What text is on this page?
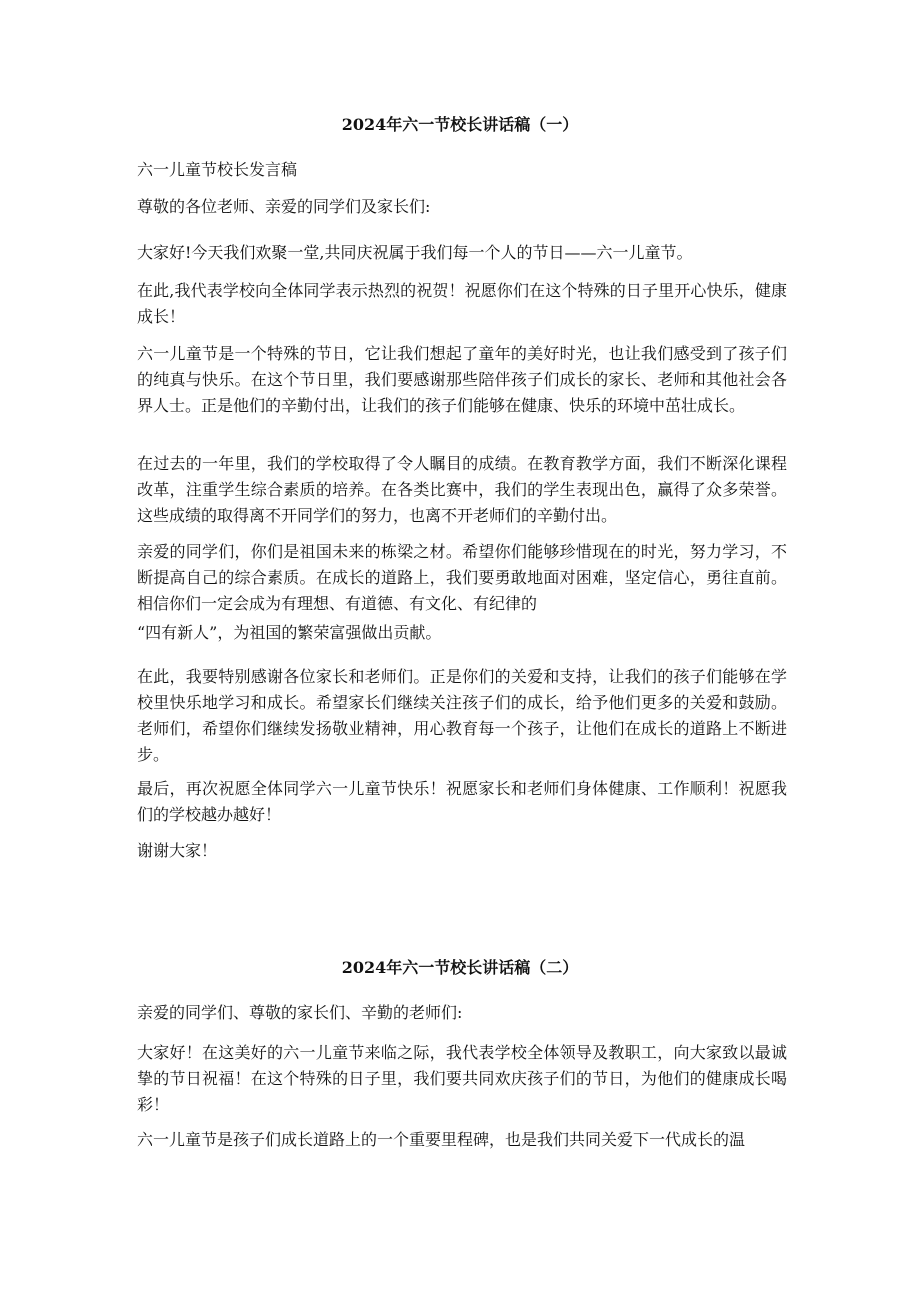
2024年六一节校长讲话稿（一）

六一儿童节校长发言稿

尊敬的各位老师、亲爱的同学们及家长们:

大家好!今天我们欢聚一堂,共同庆祝属于我们每一个人的节日——六一儿童节。

在此,我代表学校向全体同学表示热烈的祝贺！祝愿你们在这个特殊的日子里开心快乐，健康成长！

六一儿童节是一个特殊的节日，它让我们想起了童年的美好时光，也让我们感受到了孩子们的纯真与快乐。在这个节日里，我们要感谢那些陪伴孩子们成长的家长、老师和其他社会各界人士。正是他们的辛勤付出，让我们的孩子们能够在健康、快乐的环境中茁壮成长。

在过去的一年里，我们的学校取得了令人瞩目的成绩。在教育教学方面，我们不断深化课程改革，注重学生综合素质的培养。在各类比赛中，我们的学生表现出色，赢得了众多荣誉。这些成绩的取得离不开同学们的努力，也离不开老师们的辛勤付出。

亲爱的同学们，你们是祖国未来的栋梁之材。希望你们能够珍惜现在的时光，努力学习，不断提高自己的综合素质。在成长的道路上，我们要勇敢地面对困难，坚定信心，勇往直前。相信你们一定会成为有理想、有道德、有文化、有纪律的

“四有新人”，为祖国的繁荣富强做出贡献。

在此，我要特别感谢各位家长和老师们。正是你们的关爱和支持，让我们的孩子们能够在学校里快乐地学习和成长。希望家长们继续关注孩子们的成长，给予他们更多的关爱和鼓励。老师们，希望你们继续发扬敬业精神，用心教育每一个孩子，让他们在成长的道路上不断进步。

最后，再次祝愿全体同学六一儿童节快乐！祝愿家长和老师们身体健康、工作顺利！祝愿我们的学校越办越好！

谢谢大家！

2024年六一节校长讲话稿（二）

亲爱的同学们、尊敬的家长们、辛勤的老师们:

大家好！在这美好的六一儿童节来临之际，我代表学校全体领导及教职工，向大家致以最诚挚的节日祝福！在这个特殊的日子里，我们要共同欢庆孩子们的节日，为他们的健康成长喝彩！

六一儿童节是孩子们成长道路上的一个重要里程碑，也是我们共同关爱下一代成长的温
